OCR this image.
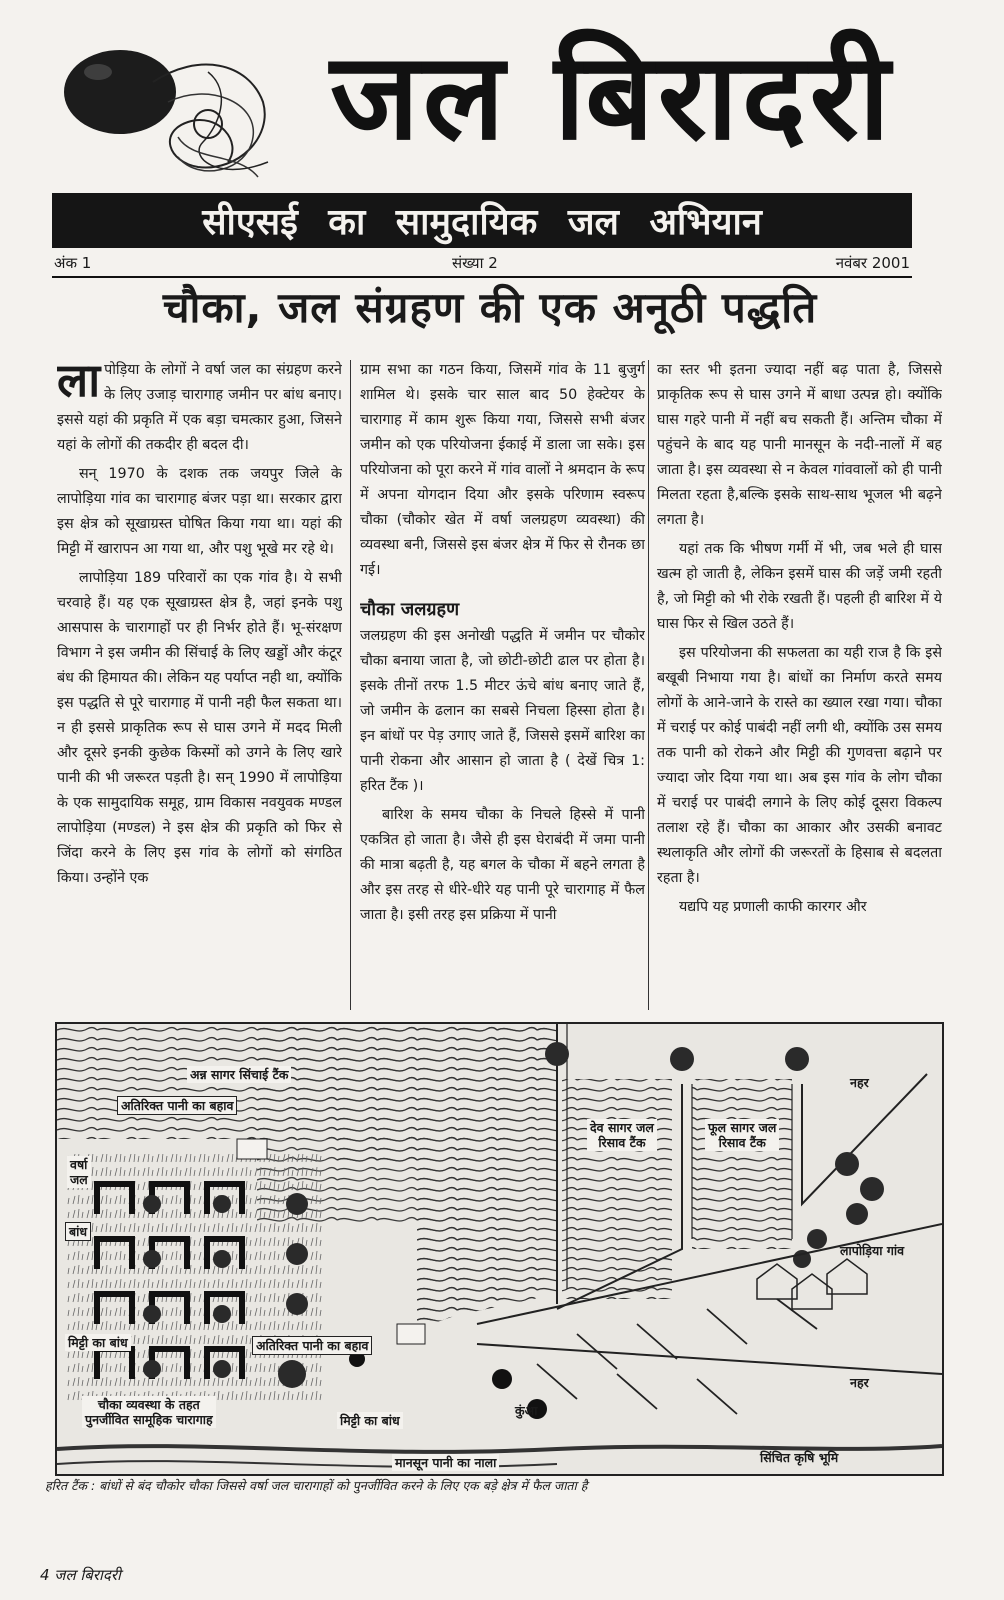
जल बिरादरी
सीएसई का सामुदायिक जल अभियान
अंक 1	संख्या 2	नवंबर 2001
चौका, जल संग्रहण की एक अनूठी पद्धति

लापोड़िया के लोगों ने वर्षा जल का संग्रहण करने के लिए उजाड़ चारागाह जमीन पर बांध बनाए। इससे यहां की प्रकृति में एक बड़ा चमत्कार हुआ, जिसने यहां के लोगों की तकदीर ही बदल दी।

सन् 1970 के दशक तक जयपुर जिले के लापोड़िया गांव का चारागाह बंजर पड़ा था। सरकार द्वारा इस क्षेत्र को सूखाग्रस्त घोषित किया गया था। यहां की मिट्टी में खारापन आ गया था, और पशु भूखे मर रहे थे।

लापोड़िया 189 परिवारों का एक गांव है। ये सभी चरवाहे हैं। यह एक सूखाग्रस्त क्षेत्र है, जहां इनके पशु आसपास के चारागाहों पर ही निर्भर होते हैं। भू-संरक्षण विभाग ने इस जमीन की सिंचाई के लिए खड्डों और कंटूर बंध की हिमायत की। लेकिन यह पर्याप्त नही था, क्योंकि इस पद्धति से पूरे चारागाह में पानी नही फैल सकता था। न ही इससे प्राकृतिक रूप से घास उगने में मदद मिली और दूसरे इनकी कुछेक किस्मों को उगने के लिए खारे पानी की भी जरूरत पड़ती है। सन् 1990 में लापोड़िया के एक सामुदायिक समूह, ग्राम विकास नवयुवक मण्डल लापोड़िया (मण्डल) ने इस क्षेत्र की प्रकृति को फिर से जिंदा करने के लिए इस गांव के लोगों को संगठित किया। उन्होंने एक

ग्राम सभा का गठन किया, जिसमें गांव के 11 बुजुर्ग शामिल थे। इसके चार साल बाद 50 हेक्टेयर के चारागाह में काम शुरू किया गया, जिससे सभी बंजर जमीन को एक परियोजना ईकाई में डाला जा सके। इस परियोजना को पूरा करने में गांव वालों ने श्रमदान के रूप में अपना योगदान दिया और इसके परिणाम स्वरूप चौका (चौकोर खेत में वर्षा जलग्रहण व्यवस्था) की व्यवस्था बनी, जिससे इस बंजर क्षेत्र में फिर से रौनक छा गई।

चौका जलग्रहण

जलग्रहण की इस अनोखी पद्धति में जमीन पर चौकोर चौका बनाया जाता है, जो छोटी-छोटी ढाल पर होता है। इसके तीनों तरफ 1.5 मीटर ऊंचे बांध बनाए जाते हैं, जो जमीन के ढलान का सबसे निचला हिस्सा होता है। इन बांधों पर पेड़ उगाए जाते हैं, जिससे इसमें बारिश का पानी रोकना और आसान हो जाता है ( देखें चित्र 1: हरित टैंक )।

बारिश के समय चौका के निचले हिस्से में पानी एकत्रित हो जाता है। जैसे ही इस घेराबंदी में जमा पानी की मात्रा बढ़ती है, यह बगल के चौका में बहने लगता है और इस तरह से धीरे-धीरे यह पानी पूरे चारागाह में फैल जाता है। इसी तरह इस प्रक्रिया में पानी

का स्तर भी इतना ज्यादा नहीं बढ़ पाता है, जिससे प्राकृतिक रूप से घास उगने में बाधा उत्पन्न हो। क्योंकि घास गहरे पानी में नहीं बच सकती हैं। अन्तिम चौका में पहुंचने के बाद यह पानी मानसून के नदी-नालों में बह जाता है। इस व्यवस्था से न केवल गांववालों को ही पानी मिलता रहता है,बल्कि इसके साथ-साथ भूजल भी बढ़ने लगता है।

यहां तक कि भीषण गर्मी में भी, जब भले ही घास खत्म हो जाती है, लेकिन इसमें घास की जड़ें जमी रहती है, जो मिट्टी को भी रोके रखती हैं। पहली ही बारिश में ये घास फिर से खिल उठते हैं।

इस परियोजना की सफलता का यही राज है कि इसे बखूबी निभाया गया है। बांधों का निर्माण करते समय लोगों के आने-जाने के रास्ते का ख्याल रखा गया। चौका में चराई पर कोई पाबंदी नहीं लगी थी, क्योंकि उस समय तक पानी को रोकने और मिट्टी की गुणवत्ता बढ़ाने पर ज्यादा जोर दिया गया था। अब इस गांव के लोग चौका में चराई पर पाबंदी लगाने के लिए कोई दूसरा विकल्प तलाश रहे हैं। चौका का आकार और उसकी बनावट स्थलाकृति और लोगों की जरूरतों के हिसाब से बदलता रहता है।

यद्यपि यह प्रणाली काफी कारगर और

अन्न सागर सिंचाई टैंक
अतिरिक्त पानी का बहाव
वर्षा
जल
बांध
मिट्टी का बांध
चौका व्यवस्था के तहत
पुनर्जीवित सामूहिक चारागाह
अतिरिक्त पानी का बहाव
मिट्टी का बांध
कुंआ
मानसून पानी का नाला	सिंचित कृषि भूमि
देव सागर जल
रिसाव टैंक
फूल सागर जल
रिसाव टैंक
नहर
नहर
लापोड़िया गांव
हरित टैंक : बांधों से बंद चौकोर चौका जिससे वर्षा जल चारागाहों को पुनर्जीवित करने के लिए एक बड़े क्षेत्र में फैल जाता है
4 जल बिरादरी
